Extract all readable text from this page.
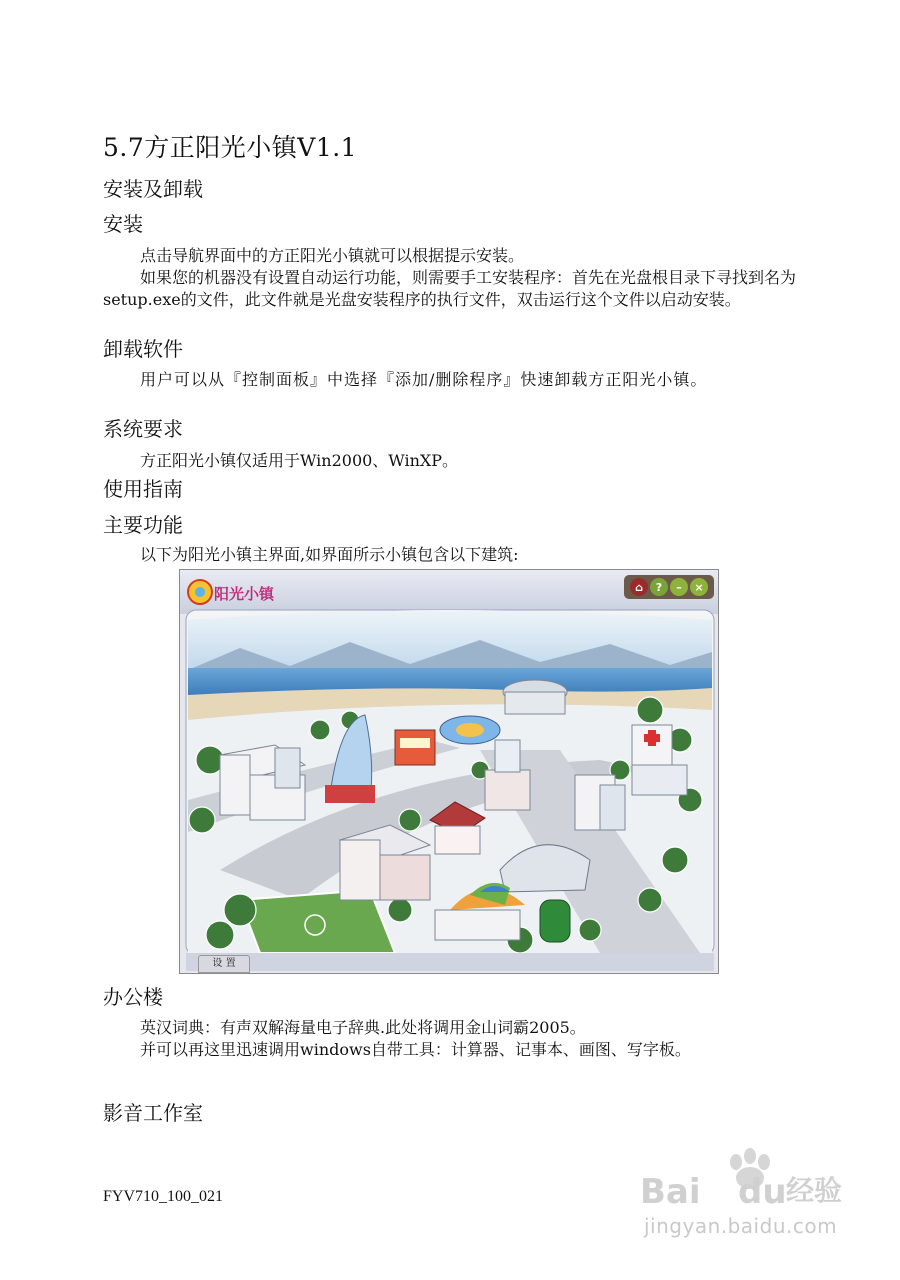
5.7方正阳光小镇V1.1
安装及卸载
安装
点击导航界面中的方正阳光小镇就可以根据提示安装。
如果您的机器没有设置自动运行功能，则需要手工安装程序：首先在光盘根目录下寻找到名为setup.exe的文件，此文件就是光盘安装程序的执行文件，双击运行这个文件以启动安装。
卸载软件
用户可以从『控制面板』中选择『添加/删除程序』快速卸载方正阳光小镇。
系统要求
方正阳光小镇仅适用于Win2000、WinXP。
使用指南
主要功能
以下为阳光小镇主界面,如界面所示小镇包含以下建筑:
阳光小镇	⌂	?	–	×
设 置
办公楼
英汉词典：有声双解海量电子辞典.此处将调用金山词霸2005。
并可以再这里迅速调用windows自带工具：计算器、记事本、画图、写字板。
影音工作室
FYV710_100_021	Bai du 经验
jingyan.baidu.com
